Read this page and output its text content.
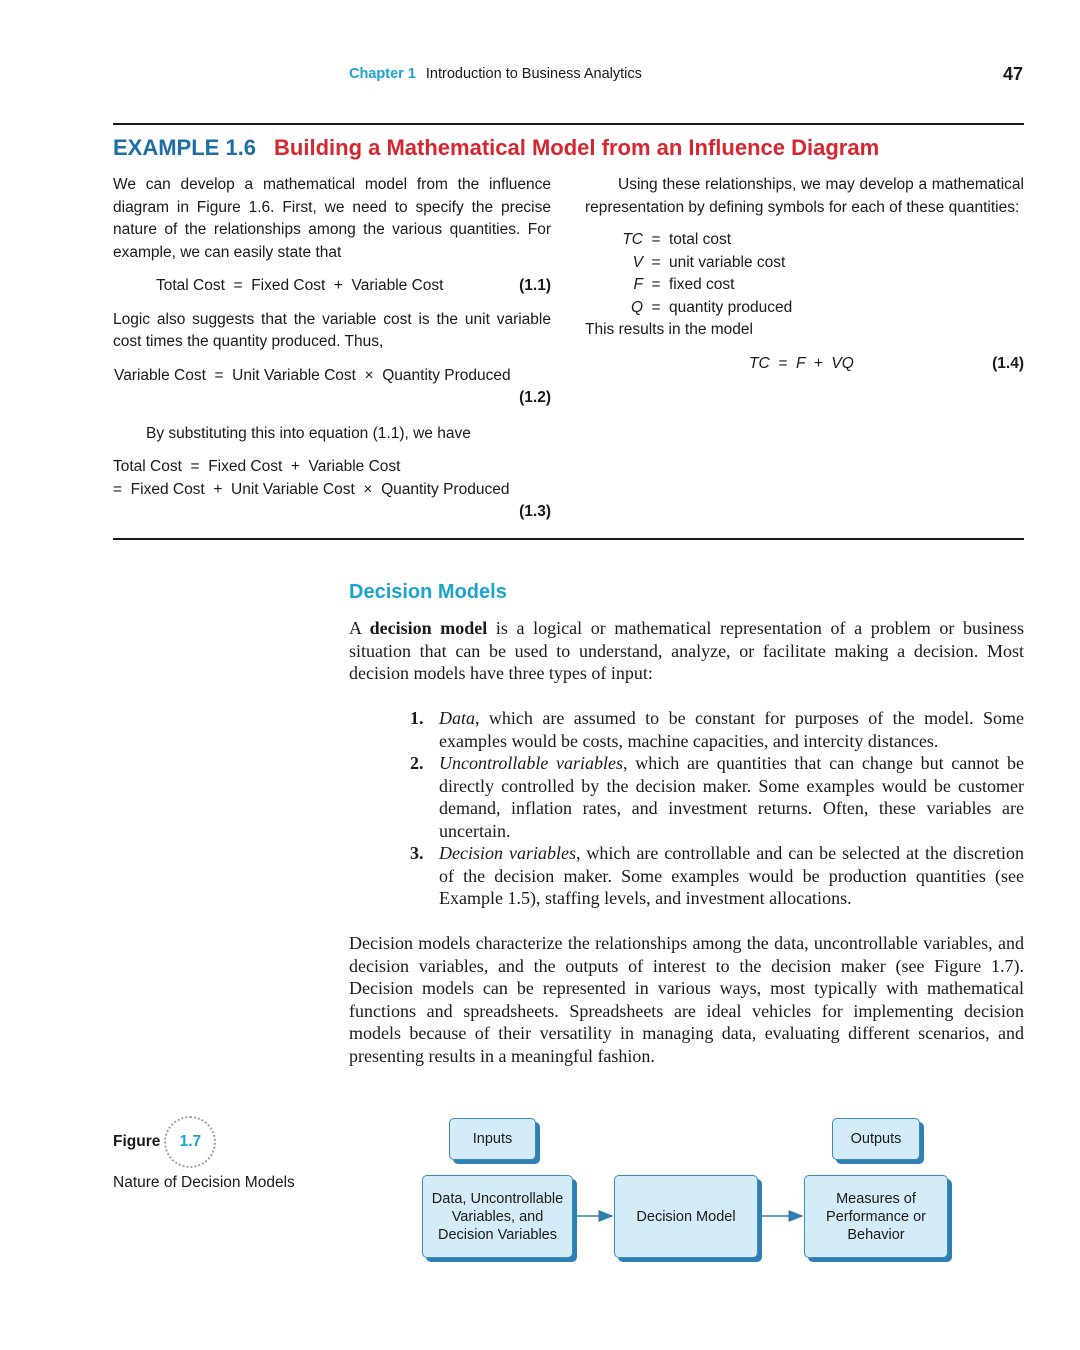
Chapter 1 Introduction to Business Analytics	47
EXAMPLE 1.6 Building a Mathematical Model from an Influence Diagram

We can develop a mathematical model from the influence diagram in Figure 1.6. First, we need to specify the precise nature of the relationships among the various quantities. For example, we can easily state that

Total Cost  =  Fixed Cost  +  Variable Cost	(1.1)

Logic also suggests that the variable cost is the unit variable cost times the quantity produced. Thus,

Variable Cost  =  Unit Variable Cost  ×  Quantity Produced
(1.2)

By substituting this into equation (1.1), we have

Total Cost  =  Fixed Cost  +  Variable Cost
=  Fixed Cost  +  Unit Variable Cost  ×  Quantity Produced
(1.3)

Using these relationships, we may develop a mathematical representation by defining symbols for each of these quantities:

TC = total cost
V = unit variable cost
F = fixed cost
Q = quantity produced

This results in the model

TC  =  F  +  VQ	(1.4)
Decision Models

A decision model is a logical or mathematical representation of a problem or business situation that can be used to understand, analyze, or facilitate making a decision. Most decision models have three types of input:

1. Data, which are assumed to be constant for purposes of the model. Some examples would be costs, machine capacities, and intercity distances.
2. Uncontrollable variables, which are quantities that can change but cannot be directly controlled by the decision maker. Some examples would be customer demand, inflation rates, and investment returns. Often, these variables are uncertain.
3. Decision variables, which are controllable and can be selected at the discretion of the decision maker. Some examples would be production quantities (see Example 1.5), staffing levels, and investment allocations.

Decision models characterize the relationships among the data, uncontrollable variables, and decision variables, and the outputs of interest to the decision maker (see Figure 1.7). Decision models can be represented in various ways, most typically with mathematical functions and spreadsheets. Spreadsheets are ideal vehicles for implementing decision models because of their versatility in managing data, evaluating different scenarios, and presenting results in a meaningful fashion.

Figure	1.7
Nature of Decision Models
Inputs	Outputs
Data, Uncontrollable Variables, and Decision Variables
Decision Model
Measures of Performance or Behavior
